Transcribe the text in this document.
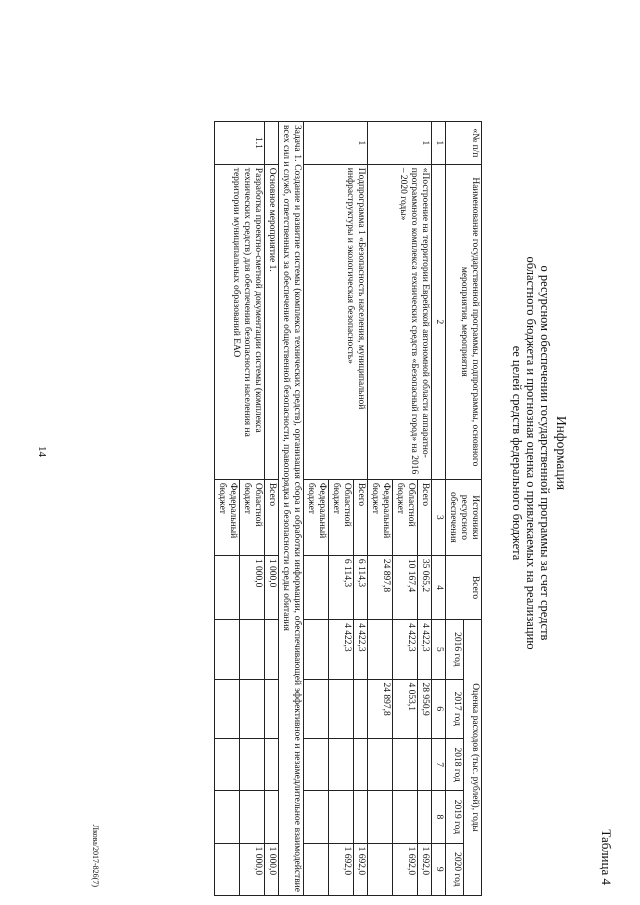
14
Таблица 4
Лкова/2017-826(7)
Информация
о ресурсном обеспечении государственной программы за счет средств
областного бюджета и прогнозная оценка о привлекаемых на реализацию
ее целей средств федерального бюджета
«№ п/п	Наименование государственной программы, подпрограммы, основного мероприятия, мероприятия	Источники ресурсного обеспечения	Всего	Оценка расходов (тыс. рублей), годы				
				2016 год	2017 год	2018 год	2019 год	2020 год
1	2	3	4	5	6	7	8	9
1	«Построение на территории Еврейской автономной области аппаратно-программного комплекса технических средств «Безопасный город» на 2016 – 2020 годы»	Всего	35 065,2	4 422,3	28 950,9			1 692,0
		Областной бюджет	10 167,4	4 422,3	4 053,1			1 692,0
		Федеральный бюджет	24 897,8		24 897,8			
1	Подпрограмма 1 «Безопасность населения, муниципальной инфраструктуры и экологическая безопасность»	Всего	6 114,3	4 422,3				1 692,0
		Областной бюджет	6 114,3	4 422,3				1 692,0
		Федеральный бюджет						
Задача 1. Создание и развитие системы (комплекса технических средств), организация сбора и обработки информации, обеспечивающей эффективное и незамедлительное взаимодействие всех сил и служб, ответственных за обеспечение общественной безопасности, правопорядка и безопасности среды обитания								
	Основное мероприятие 1.	Всего	1 000,0					1 000,0
1.1	Разработка проектно-сметной документации системы (комплекса технических средств) для обеспечения безопасности населения на территории муниципальных образований ЕАО	Областной бюджет	1 000,0					1 000,0
		Федеральный бюджет						
